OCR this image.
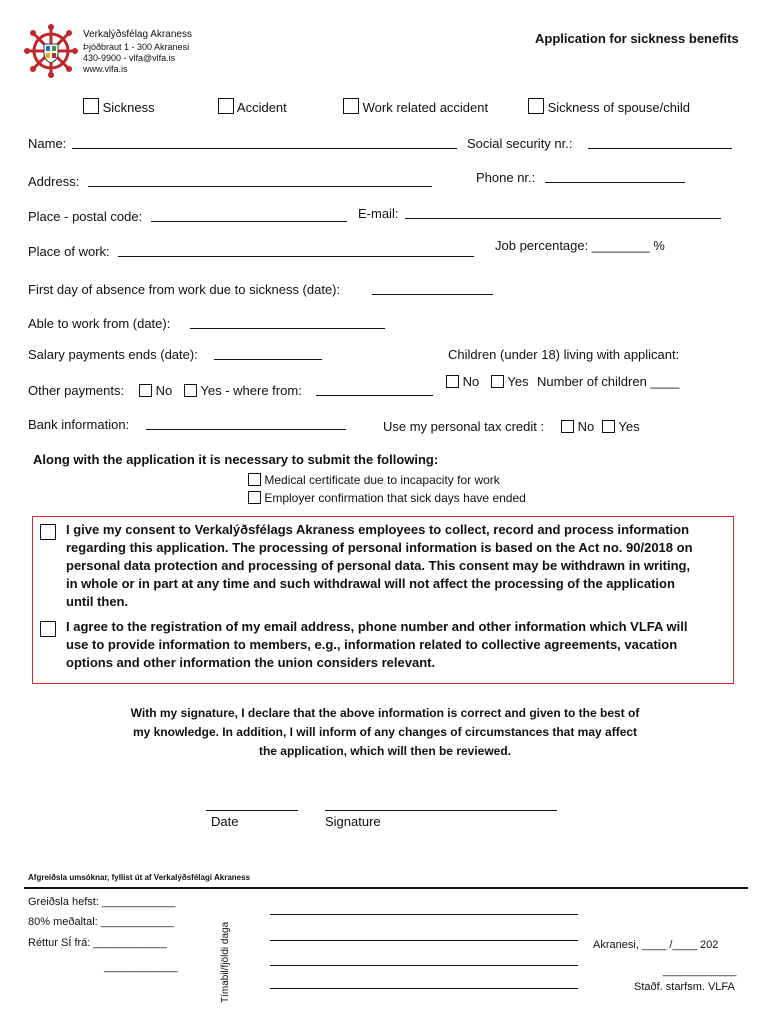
Verkalýðsfélag Akraness
Þjóðbraut 1 - 300 Akranesi
430-9900 - vlfa@vlfa.is
www.vlfa.is
Application for sickness benefits
Sickness	Accident	Work related accident	Sickness of spouse/child
Name:	Social security nr.:
Address:	Phone nr.:
Place - postal code:	E-mail:
Place of work:	Job percentage: ________ %
First day of absence from work due to sickness (date):
Able to work from (date):
Salary payments ends (date):	Children (under 18) living with applicant:
Other payments:	No	Yes - where from:
No	Yes Number of children ____
Bank information:	Use my personal tax credit :	No	Yes
Along with the application it is necessary to submit the following:
Medical certificate due to incapacity for work
Employer confirmation that sick days have ended
I give my consent to Verkalýðsfélags Akraness employees to collect, record and process information
regarding this application. The processing of personal information is based on the Act no. 90/2018 on
personal data protection and processing of personal data. This consent may be withdrawn in writing,
in whole or in part at any time and such withdrawal will not affect the processing of the application
until then.
I agree to the registration of my email address, phone number and other information which VLFA will
use to provide information to members, e.g., information related to collective agreements, vacation
options and other information the union considers relevant.
With my signature, I declare that the above information is correct and given to the best of
my knowledge. In addition, I will inform of any changes of circumstances that may affect
the application, which will then be reviewed.
Date	Signature
Afgreiðsla umsóknar, fyllist út af Verkalýðsfélagi Akraness
Greiðsla hefst: ____________
80% meðaltal: ____________
Réttur SÍ frá: ____________
____________	Tímabil/fjöldi daga	Akranesi, ____ /____ 202
____________
Staðf. starfsm. VLFA
